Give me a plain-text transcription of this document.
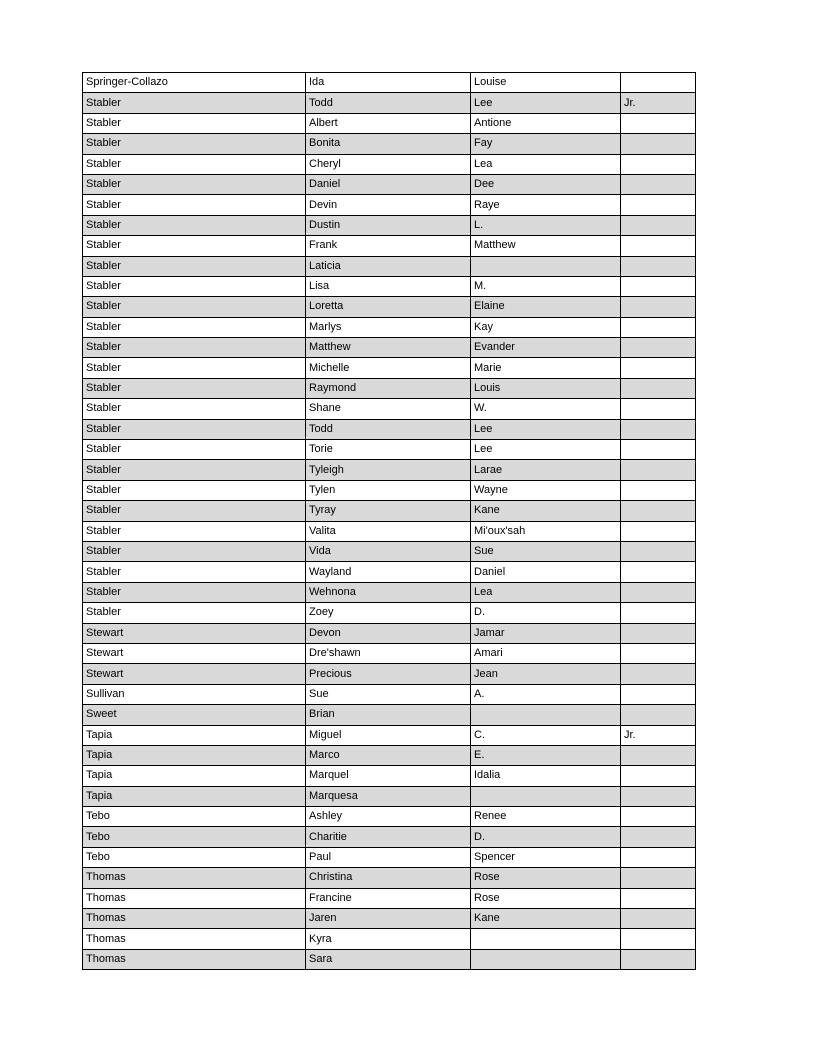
Springer-Collazo	Ida	Louise	
Stabler	Todd	Lee	Jr.
Stabler	Albert	Antione	
Stabler	Bonita	Fay	
Stabler	Cheryl	Lea	
Stabler	Daniel	Dee	
Stabler	Devin	Raye	
Stabler	Dustin	L.	
Stabler	Frank	Matthew	
Stabler	Laticia		
Stabler	Lisa	M.	
Stabler	Loretta	Elaine	
Stabler	Marlys	Kay	
Stabler	Matthew	Evander	
Stabler	Michelle	Marie	
Stabler	Raymond	Louis	
Stabler	Shane	W.	
Stabler	Todd	Lee	
Stabler	Torie	Lee	
Stabler	Tyleigh	Larae	
Stabler	Tylen	Wayne	
Stabler	Tyray	Kane	
Stabler	Valita	Mi'oux'sah	
Stabler	Vida	Sue	
Stabler	Wayland	Daniel	
Stabler	Wehnona	Lea	
Stabler	Zoey	D.	
Stewart	Devon	Jamar	
Stewart	Dre'shawn	Amari	
Stewart	Precious	Jean	
Sullivan	Sue	A.	
Sweet	Brian		
Tapia	Miguel	C.	Jr.
Tapia	Marco	E.	
Tapia	Marquel	Idalia	
Tapia	Marquesa		
Tebo	Ashley	Renee	
Tebo	Charitie	D.	
Tebo	Paul	Spencer	
Thomas	Christina	Rose	
Thomas	Francine	Rose	
Thomas	Jaren	Kane	
Thomas	Kyra		
Thomas	Sara		
